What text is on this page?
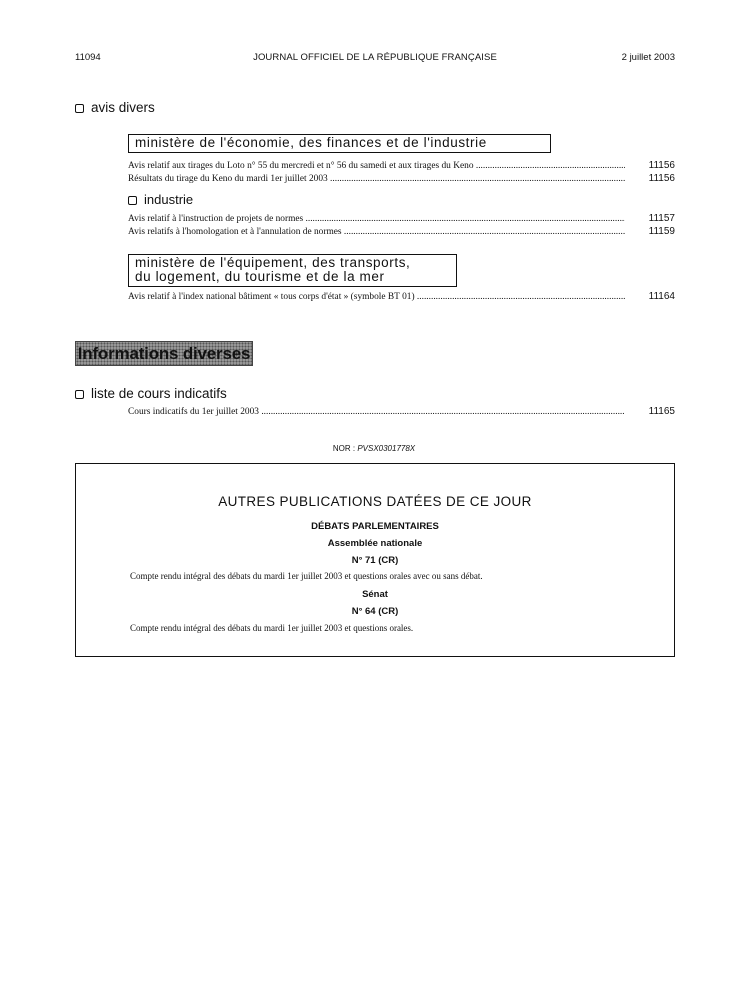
11094	JOURNAL OFFICIEL DE LA RÉPUBLIQUE FRANÇAISE	2 juillet 2003
avis divers
ministère de l'économie, des finances et de l'industrie
Avis relatif aux tirages du Loto n° 55 du mercredi et n° 56 du samedi et aux tirages du Keno .....	11156
Résultats du tirage du Keno du mardi 1er juillet 2003 .....	11156
industrie
Avis relatif à l'instruction de projets de normes .....	11157
Avis relatifs à l'homologation et à l'annulation de normes .....	11159
ministère de l'équipement, des transports,
du logement, du tourisme et de la mer
Avis relatif à l'index national bâtiment « tous corps d'état » (symbole BT 01) .....	11164
Informations diverses
liste de cours indicatifs
Cours indicatifs du 1er juillet 2003 .....	11165
NOR : PVSX0301778X
AUTRES PUBLICATIONS DATÉES DE CE JOUR
DÉBATS PARLEMENTAIRES
Assemblée nationale
N° 71 (CR)
Compte rendu intégral des débats du mardi 1er juillet 2003 et questions orales avec ou sans débat.
Sénat
N° 64 (CR)
Compte rendu intégral des débats du mardi 1er juillet 2003 et questions orales.
